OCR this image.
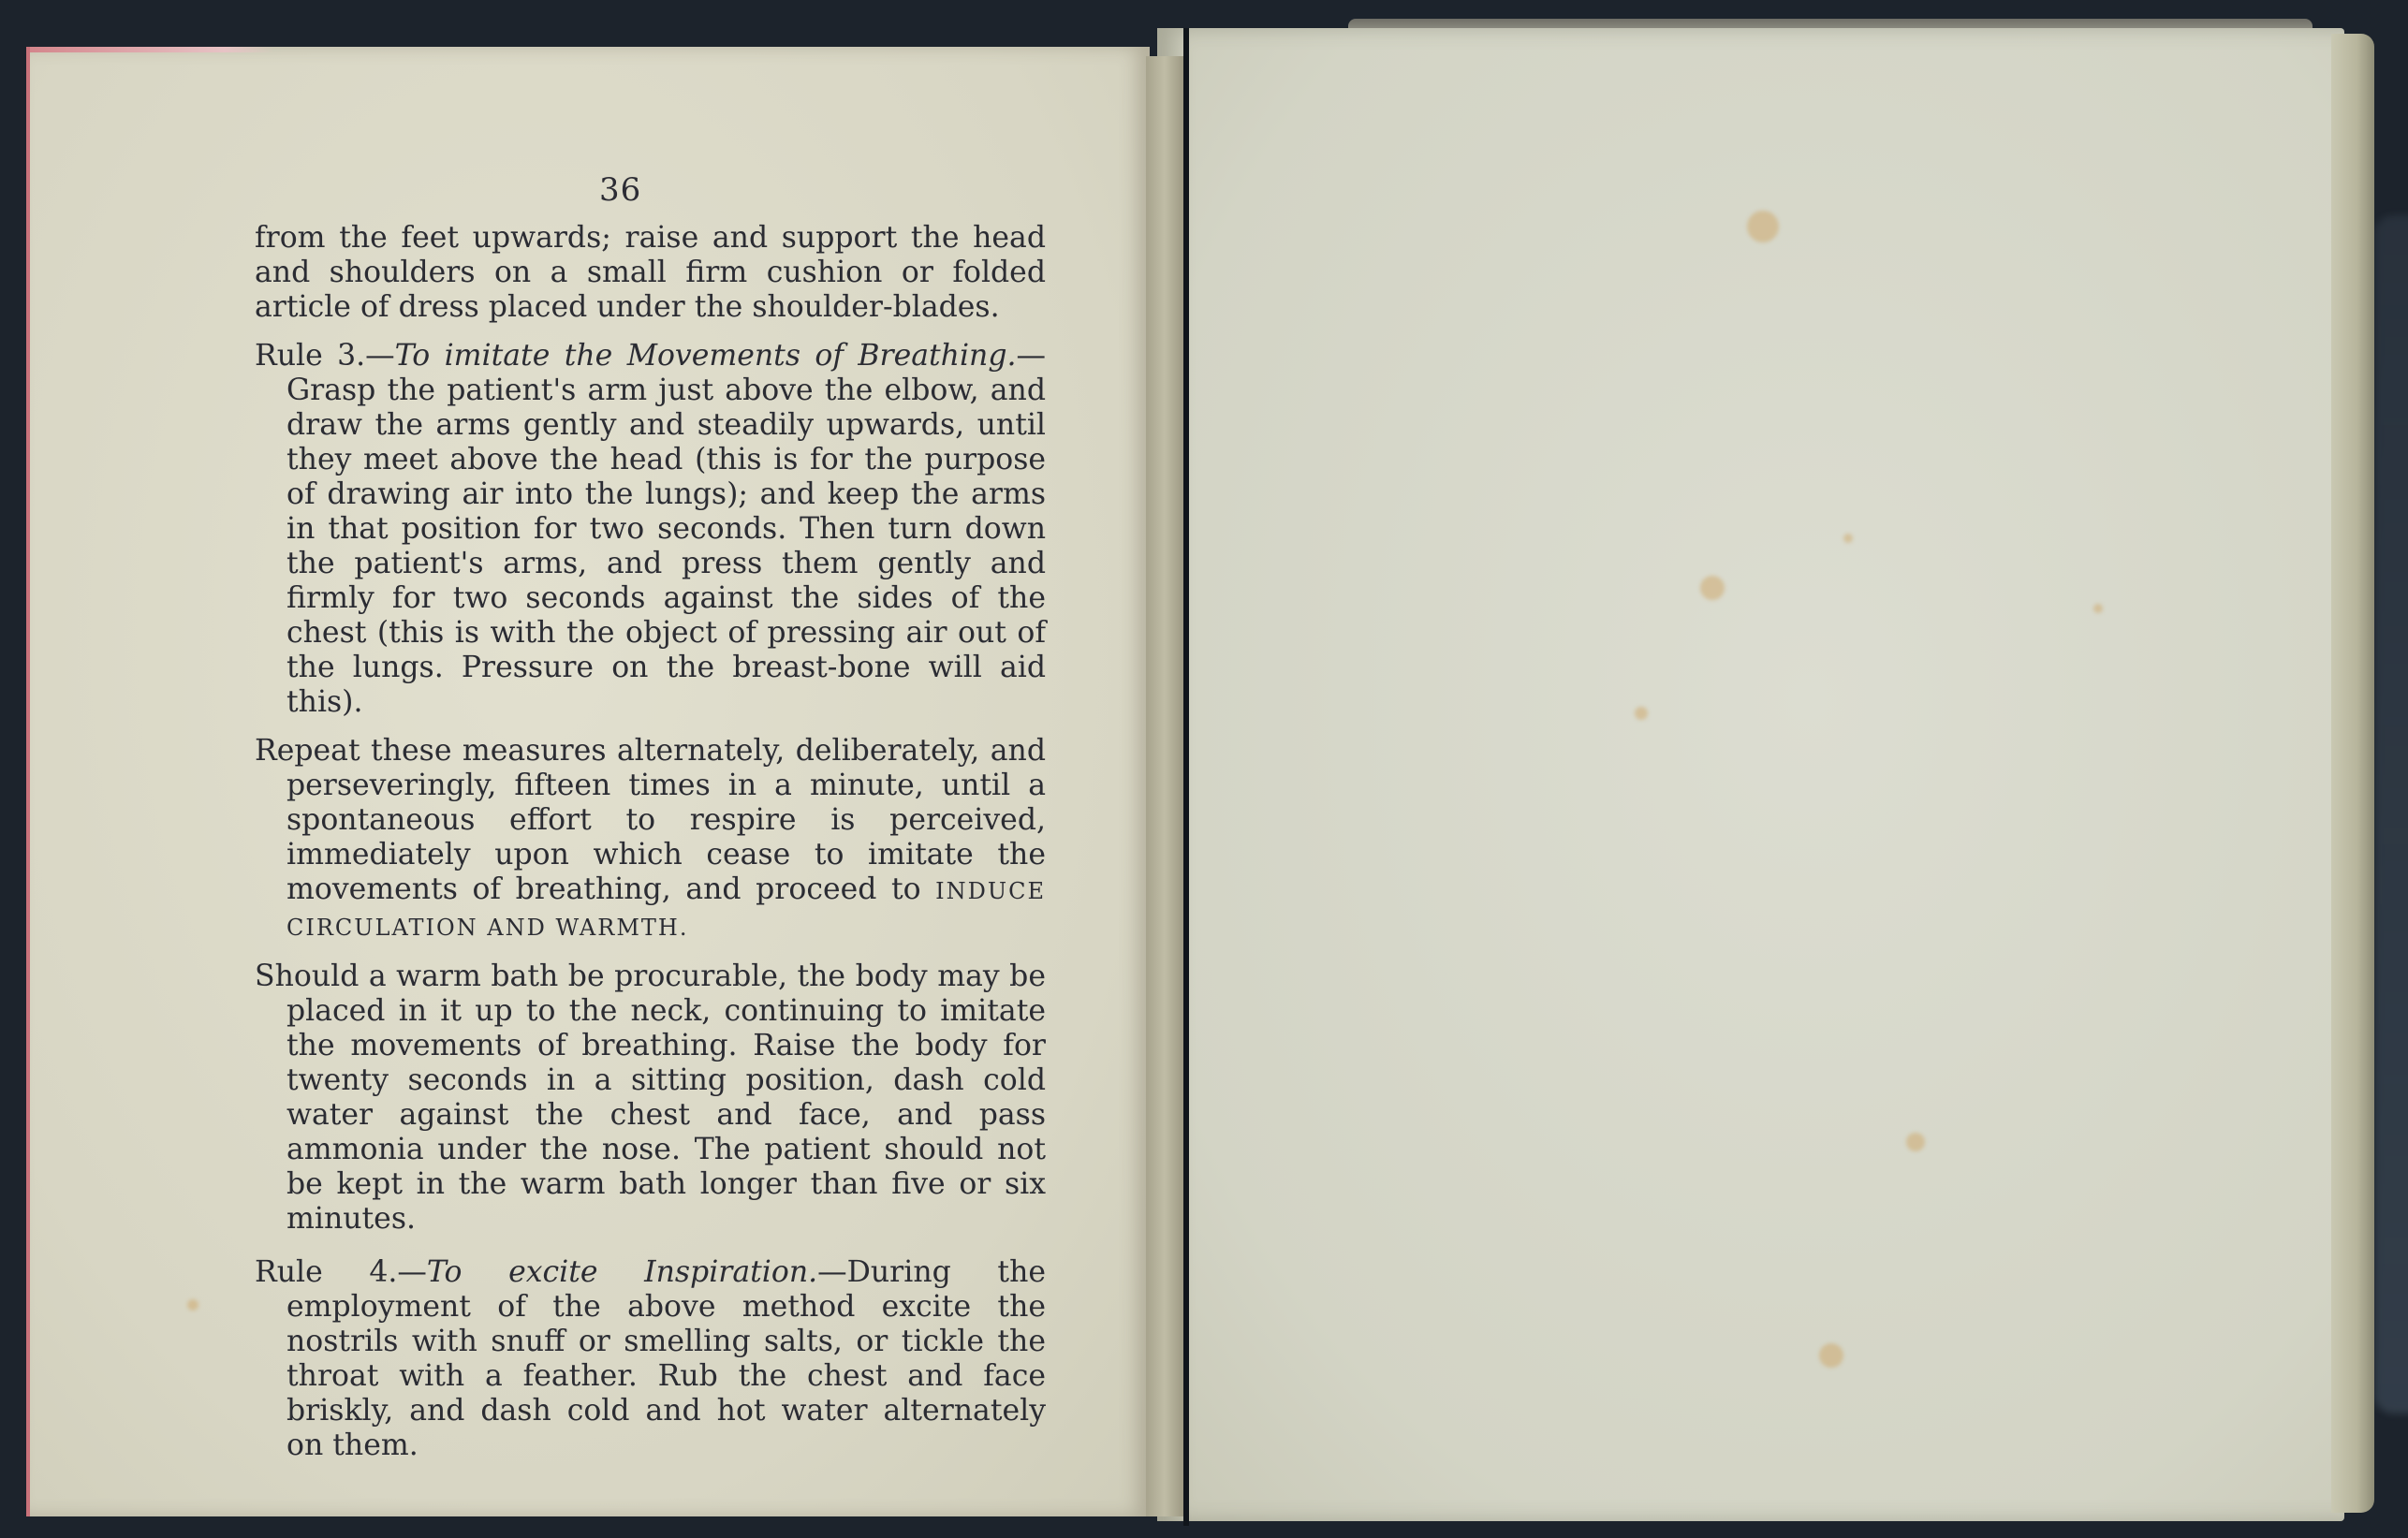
36

from the feet upwards; raise and support the head and shoulders on a small firm cushion or folded article of dress placed under the shoulder-blades.

Rule 3.—To imitate the Movements of Breathing.— Grasp the patient's arm just above the elbow, and draw the arms gently and steadily upwards, until they meet above the head (this is for the purpose of drawing air into the lungs); and keep the arms in that position for two seconds. Then turn down the patient's arms, and press them gently and firmly for two seconds against the sides of the chest (this is with the object of pressing air out of the lungs. Pressure on the breast-bone will aid this).

Repeat these measures alternately, deliberately, and perseveringly, fifteen times in a minute, until a spontaneous effort to respire is perceived, immediately upon which cease to imitate the movements of breathing, and proceed to INDUCE CIRCULATION AND WARMTH.

Should a warm bath be procurable, the body may be placed in it up to the neck, continuing to imitate the movements of breathing. Raise the body for twenty seconds in a sitting position, dash cold water against the chest and face, and pass ammonia under the nose. The patient should not be kept in the warm bath longer than five or six minutes.

Rule 4.—To excite Inspiration.—During the employment of the above method excite the nostrils with snuff or smelling salts, or tickle the throat with a feather. Rub the chest and face briskly, and dash cold and hot water alternately on them.
